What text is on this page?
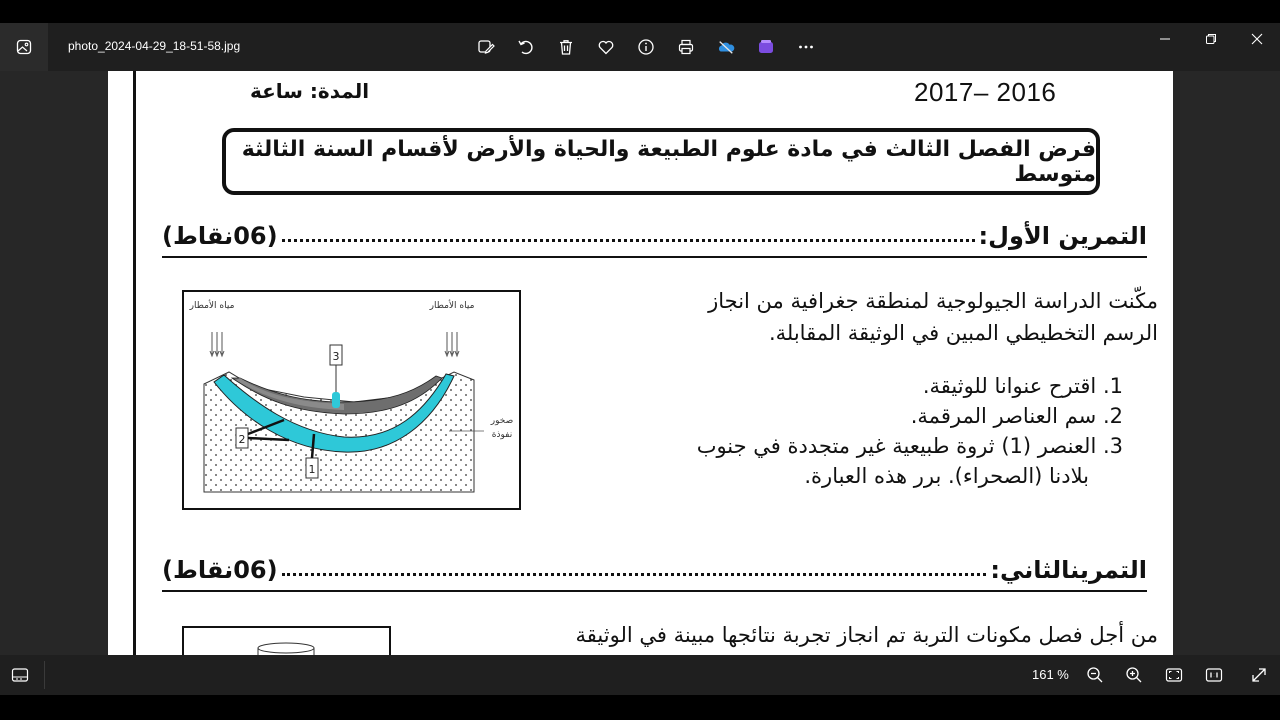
photo_2024-04-29_18-51-58.jpg
المدة: ساعة	2017– 2016
فرض الفصل الثالث في مادة علوم الطبيعة والحياة والأرض لأقسام السنة الثالثة متوسط
(06نقاط)	التمرين الأول:
مياه الأمطار	مياه الأمطار
3
2
1
صخور
نفوذة
مكّنت الدراسة الجيولوجية لمنطقة جغرافية من انجاز
الرسم التخطيطي المبين في الوثيقة المقابلة.
1. اقترح عنوانا للوثيقة.
2. سم العناصر المرقمة.
3. العنصر (1) ثروة طبيعية غير متجددة في جنوب
بلادنا (الصحراء). برر هذه العبارة.
(06نقاط)	التمرينالثاني:
من أجل فصل مكونات التربة تم انجاز تجربة نتائجها مبينة في الوثيقة
161 %
